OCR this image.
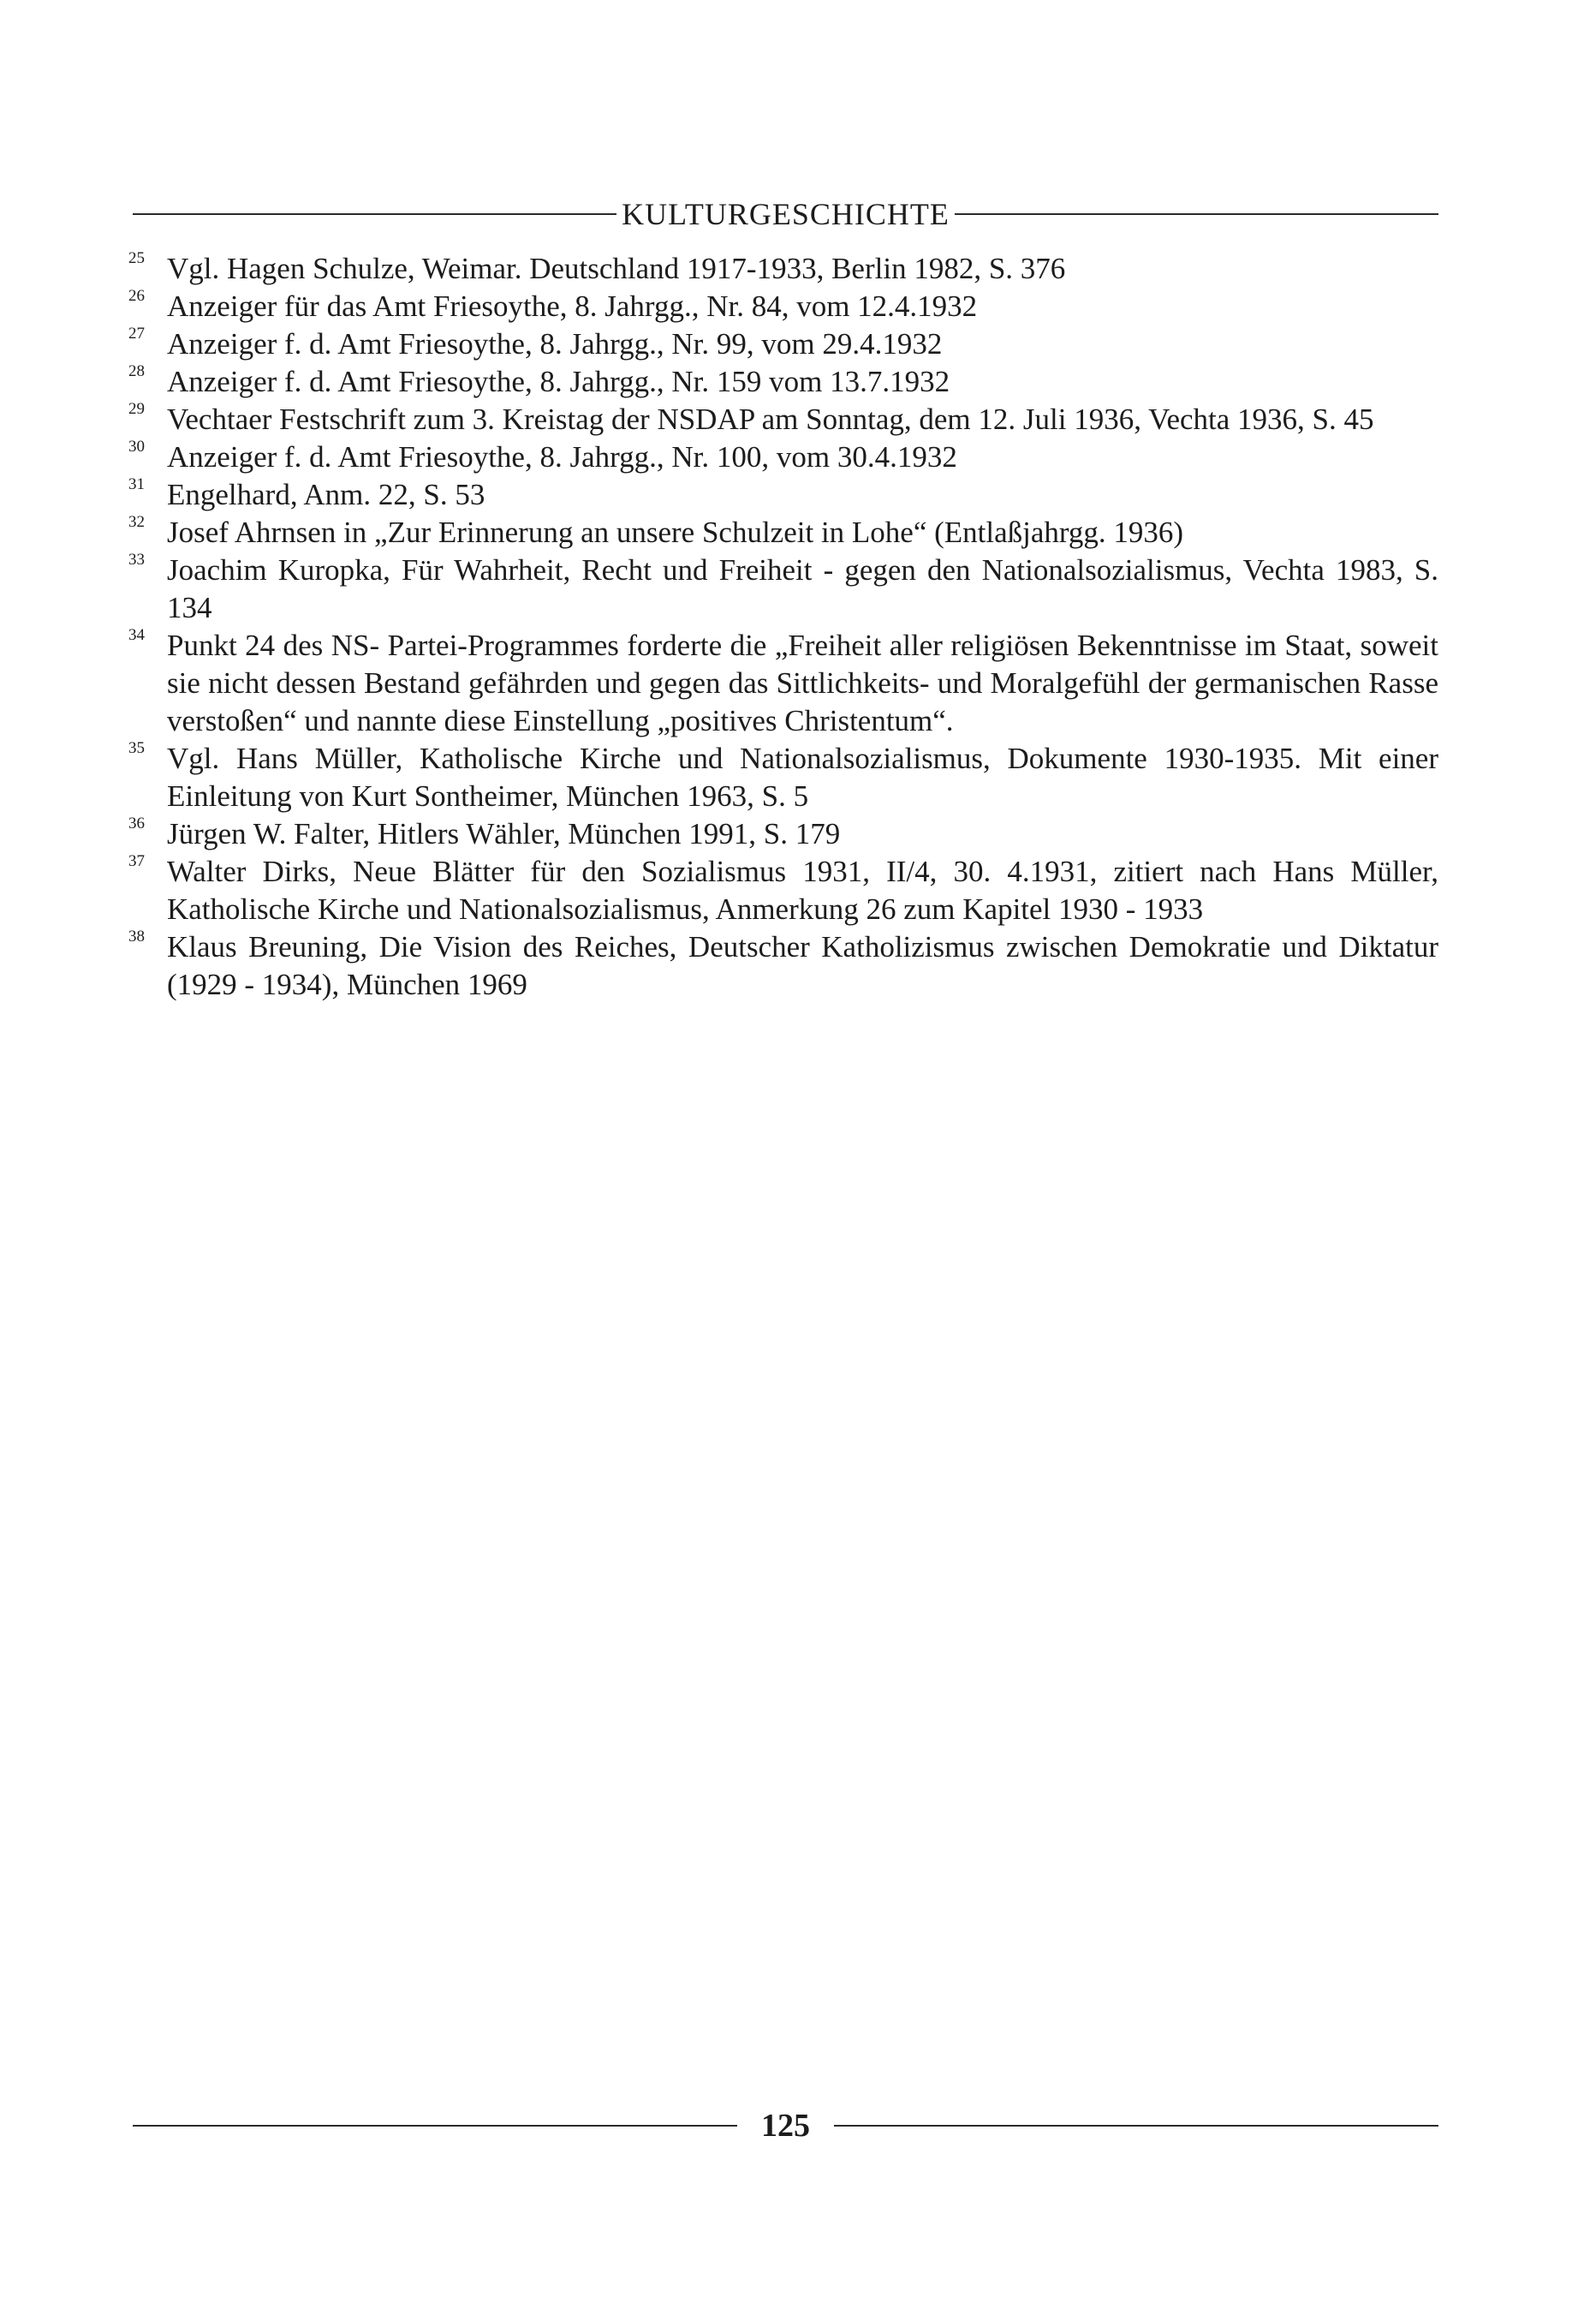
KULTURGESCHICHTE
25 Vgl. Hagen Schulze, Weimar. Deutschland 1917-1933, Berlin 1982, S. 376
26 Anzeiger für das Amt Friesoythe, 8. Jahrgg., Nr. 84, vom 12.4.1932
27 Anzeiger f. d. Amt Friesoythe, 8. Jahrgg., Nr. 99, vom 29.4.1932
28 Anzeiger f. d. Amt Friesoythe, 8. Jahrgg., Nr. 159 vom 13.7.1932
29 Vechtaer Festschrift zum 3. Kreistag der NSDAP am Sonntag, dem 12. Juli 1936, Vechta 1936, S. 45
30 Anzeiger f. d. Amt Friesoythe, 8. Jahrgg., Nr. 100, vom 30.4.1932
31 Engelhard, Anm. 22, S. 53
32 Josef Ahrnsen in „Zur Erinnerung an unsere Schulzeit in Lohe“ (Entlaßjahrgg. 1936)
33 Joachim Kuropka, Für Wahrheit, Recht und Freiheit - gegen den Nationalsozialismus, Vechta 1983, S. 134
34 Punkt 24 des NS- Partei-Programmes forderte die „Freiheit aller religiösen Bekenntnisse im Staat, soweit sie nicht dessen Bestand gefährden und gegen das Sittlichkeits- und Moralgefühl der germanischen Rasse verstoßen“ und nannte diese Einstellung „positives Christentum“.
35 Vgl. Hans Müller, Katholische Kirche und Nationalsozialismus, Dokumente 1930-1935. Mit einer Einleitung von Kurt Sontheimer, München 1963, S. 5
36 Jürgen W. Falter, Hitlers Wähler, München 1991, S. 179
37 Walter Dirks, Neue Blätter für den Sozialismus 1931, II/4, 30. 4.1931, zitiert nach Hans Müller, Katholische Kirche und Nationalsozialismus, Anmerkung 26 zum Kapitel 1930 - 1933
38 Klaus Breuning, Die Vision des Reiches, Deutscher Katholizismus zwischen Demokratie und Diktatur (1929 - 1934), München 1969
125
